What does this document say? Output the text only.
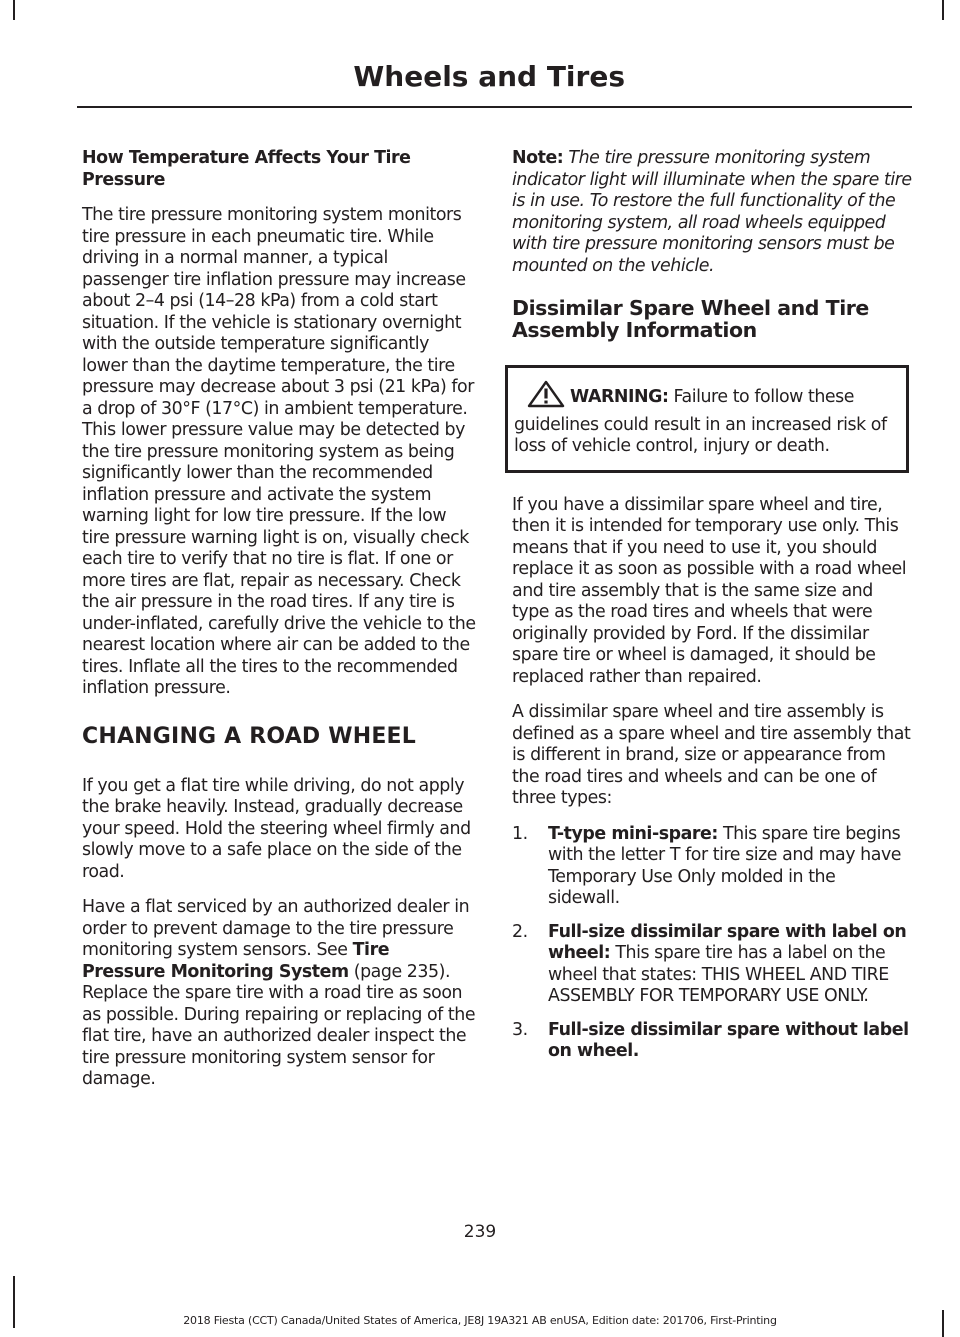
Wheels and Tires
How Temperature Affects Your Tire Pressure

The tire pressure monitoring system monitors tire pressure in each pneumatic tire. While driving in a normal manner, a typical passenger tire inflation pressure may increase about 2–4 psi (14–28 kPa) from a cold start situation. If the vehicle is stationary overnight with the outside temperature significantly lower than the daytime temperature, the tire pressure may decrease about 3 psi (21 kPa) for a drop of 30°F (17°C) in ambient temperature. This lower pressure value may be detected by the tire pressure monitoring system as being significantly lower than the recommended inflation pressure and activate the system warning light for low tire pressure. If the low tire pressure warning light is on, visually check each tire to verify that no tire is flat. If one or more tires are flat, repair as necessary. Check the air pressure in the road tires. If any tire is under-inflated, carefully drive the vehicle to the nearest location where air can be added to the tires. Inflate all the tires to the recommended inflation pressure.

CHANGING A ROAD WHEEL

If you get a flat tire while driving, do not apply the brake heavily. Instead, gradually decrease your speed. Hold the steering wheel firmly and slowly move to a safe place on the side of the road.

Have a flat serviced by an authorized dealer in order to prevent damage to the tire pressure monitoring system sensors. See Tire Pressure Monitoring System (page 235). Replace the spare tire with a road tire as soon as possible. During repairing or replacing of the flat tire, have an authorized dealer inspect the tire pressure monitoring system sensor for damage.

Note: The tire pressure monitoring system indicator light will illuminate when the spare tire is in use. To restore the full functionality of the monitoring system, all road wheels equipped with tire pressure monitoring sensors must be mounted on the vehicle.

Dissimilar Spare Wheel and Tire Assembly Information
WARNING: Failure to follow these guidelines could result in an increased risk of loss of vehicle control, injury or death.

If you have a dissimilar spare wheel and tire, then it is intended for temporary use only. This means that if you need to use it, you should replace it as soon as possible with a road wheel and tire assembly that is the same size and type as the road tires and wheels that were originally provided by Ford. If the dissimilar spare tire or wheel is damaged, it should be replaced rather than repaired.

A dissimilar spare wheel and tire assembly is defined as a spare wheel and tire assembly that is different in brand, size or appearance from the road tires and wheels and can be one of three types:

1.	T-type mini-spare: This spare tire begins with the letter T for tire size and may have Temporary Use Only molded in the sidewall.
2.	Full-size dissimilar spare with label on wheel: This spare tire has a label on the wheel that states: THIS WHEEL AND TIRE ASSEMBLY FOR TEMPORARY USE ONLY.
3.	Full-size dissimilar spare without label on wheel.
239
2018 Fiesta (CCT) Canada/United States of America, JE8J 19A321 AB enUSA, Edition date: 201706, First-Printing
